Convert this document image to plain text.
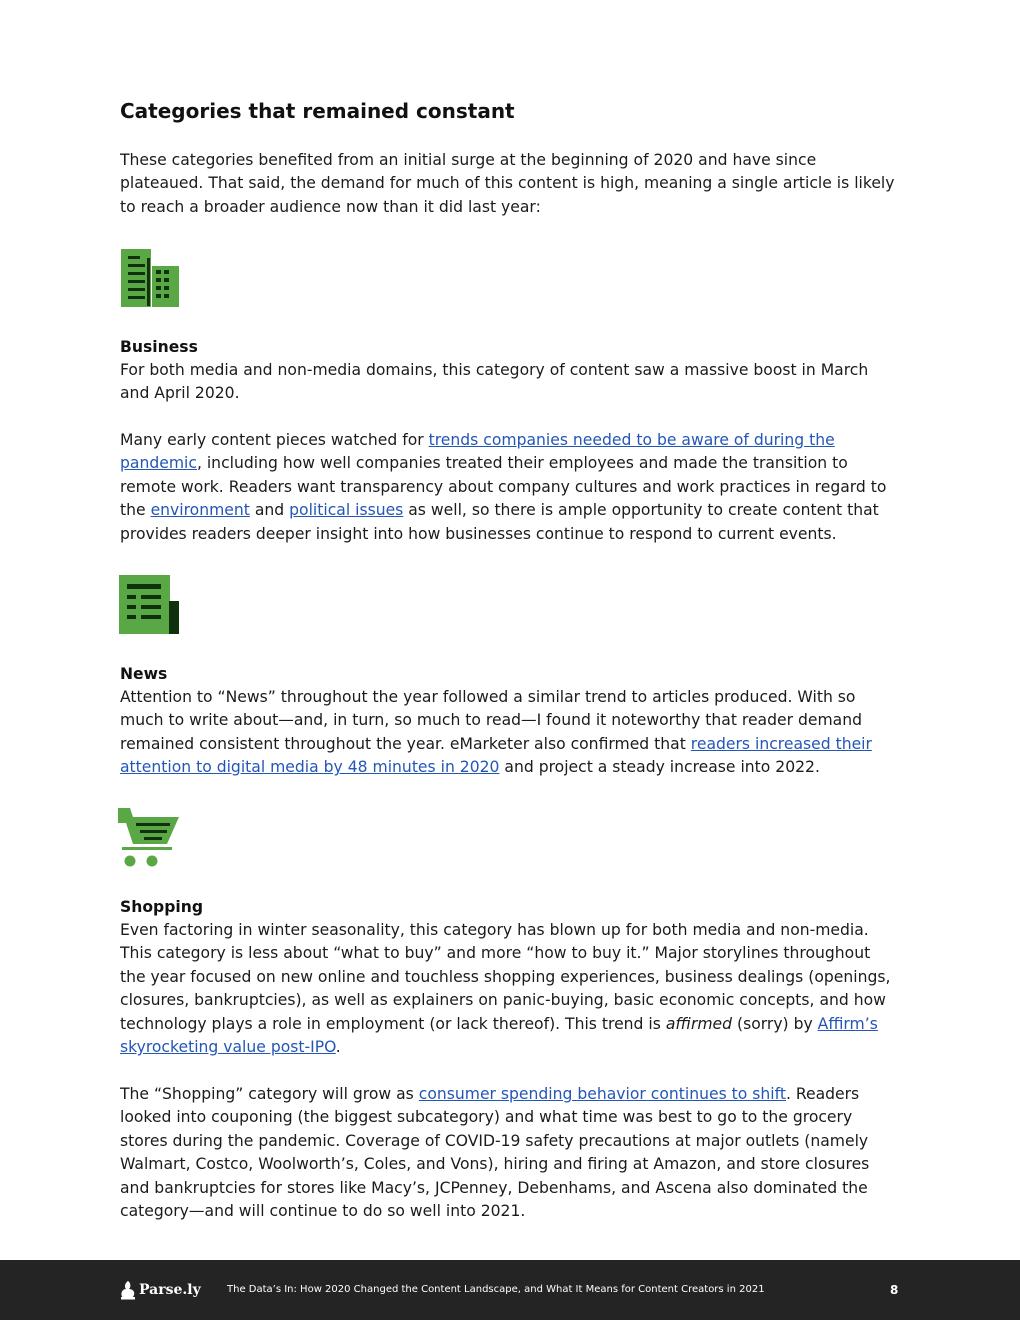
Categories that remained constant

These categories benefited from an initial surge at the beginning of 2020 and have since plateaued. That said, the demand for much of this content is high, meaning a single article is likely to reach a broader audience now than it did last year:

Business

For both media and non-media domains, this category of content saw a massive boost in March and April 2020.

Many early content pieces watched for trends companies needed to be aware of during the pandemic, including how well companies treated their employees and made the transition to remote work. Readers want transparency about company cultures and work practices in regard to the environment and political issues as well, so there is ample opportunity to create content that provides readers deeper insight into how businesses continue to respond to current events.

News

Attention to “News” throughout the year followed a similar trend to articles produced. With so much to write about—and, in turn, so much to read—I found it noteworthy that reader demand remained consistent throughout the year. eMarketer also confirmed that readers increased their attention to digital media by 48 minutes in 2020 and project a steady increase into 2022.

Shopping

Even factoring in winter seasonality, this category has blown up for both media and non-media. This category is less about “what to buy” and more “how to buy it.” Major storylines throughout the year focused on new online and touchless shopping experiences, business dealings (openings, closures, bankruptcies), as well as explainers on panic-buying, basic economic concepts, and how technology plays a role in employment (or lack thereof). This trend is affirmed (sorry) by Affirm’s skyrocketing value post-IPO.

The “Shopping” category will grow as consumer spending behavior continues to shift. Readers looked into couponing (the biggest subcategory) and what time was best to go to the grocery stores during the pandemic. Coverage of COVID-19 safety precautions at major outlets (namely Walmart, Costco, Woolworth’s, Coles, and Vons), hiring and firing at Amazon, and store closures and bankruptcies for stores like Macy’s, JCPenney, Debenhams, and Ascena also dominated the category—and will continue to do so well into 2021.

Parse.ly	The Data’s In: How 2020 Changed the Content Landscape, and What It Means for Content Creators in 2021	8
